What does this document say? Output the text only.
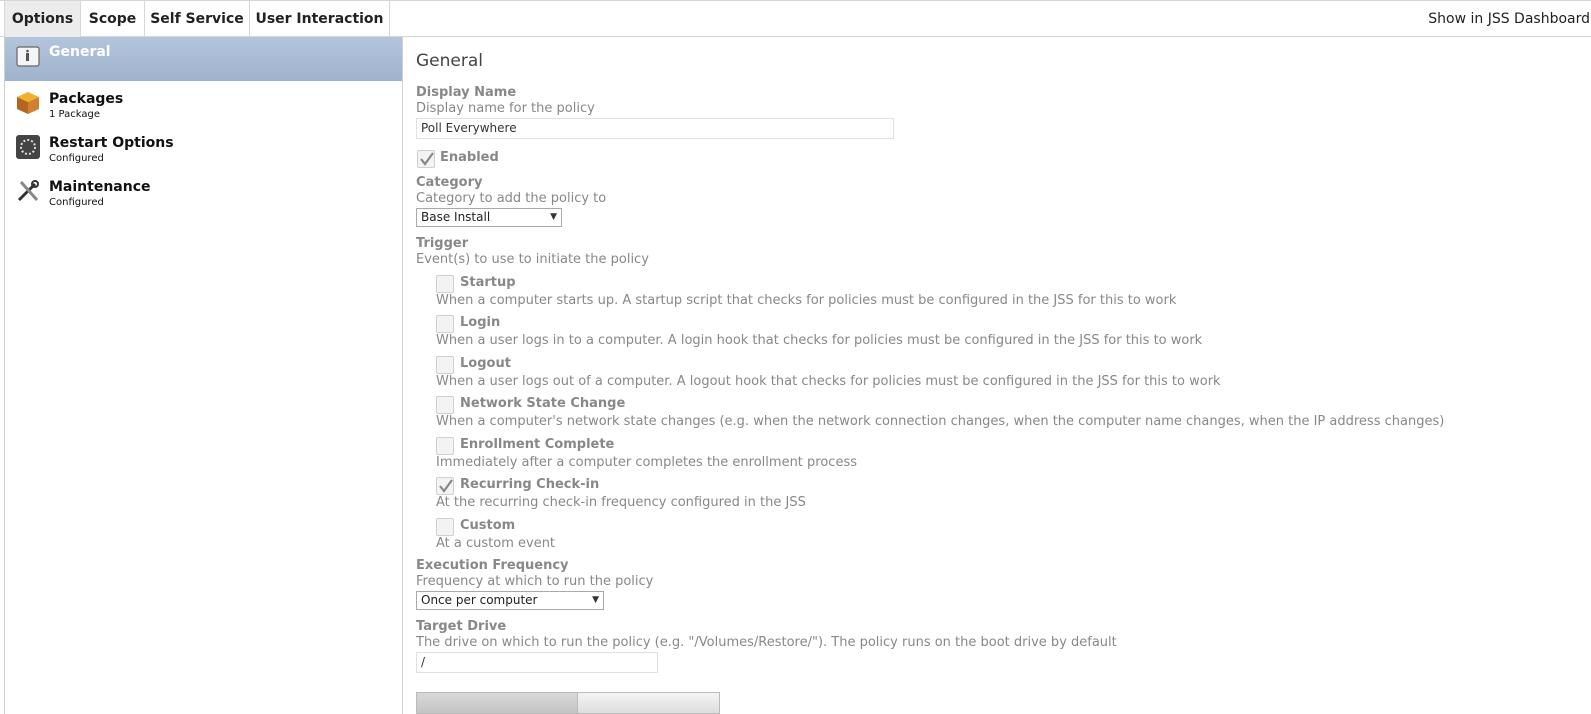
Options	Scope Self Service User Interaction	Show in JSS Dashboard
General
Packages
1 Package
Restart Options
Configured
Maintenance
Configured
General
Display Name
Display name for the policy
Poll Everywhere
Enabled
Category
Category to add the policy to
Base Install	▼
Trigger
Event(s) to use to initiate the policy
Startup
When a computer starts up. A startup script that checks for policies must be configured in the JSS for this to work
Login
When a user logs in to a computer. A login hook that checks for policies must be configured in the JSS for this to work
Logout
When a user logs out of a computer. A logout hook that checks for policies must be configured in the JSS for this to work
Network State Change
When a computer's network state changes (e.g. when the network connection changes, when the computer name changes, when the IP address changes)
Enrollment Complete
Immediately after a computer completes the enrollment process
Recurring Check-in
At the recurring check-in frequency configured in the JSS
Custom
At a custom event
Execution Frequency
Frequency at which to run the policy
Once per computer	▼
Target Drive
The drive on which to run the policy (e.g. "/Volumes/Restore/"). The policy runs on the boot drive by default
/
